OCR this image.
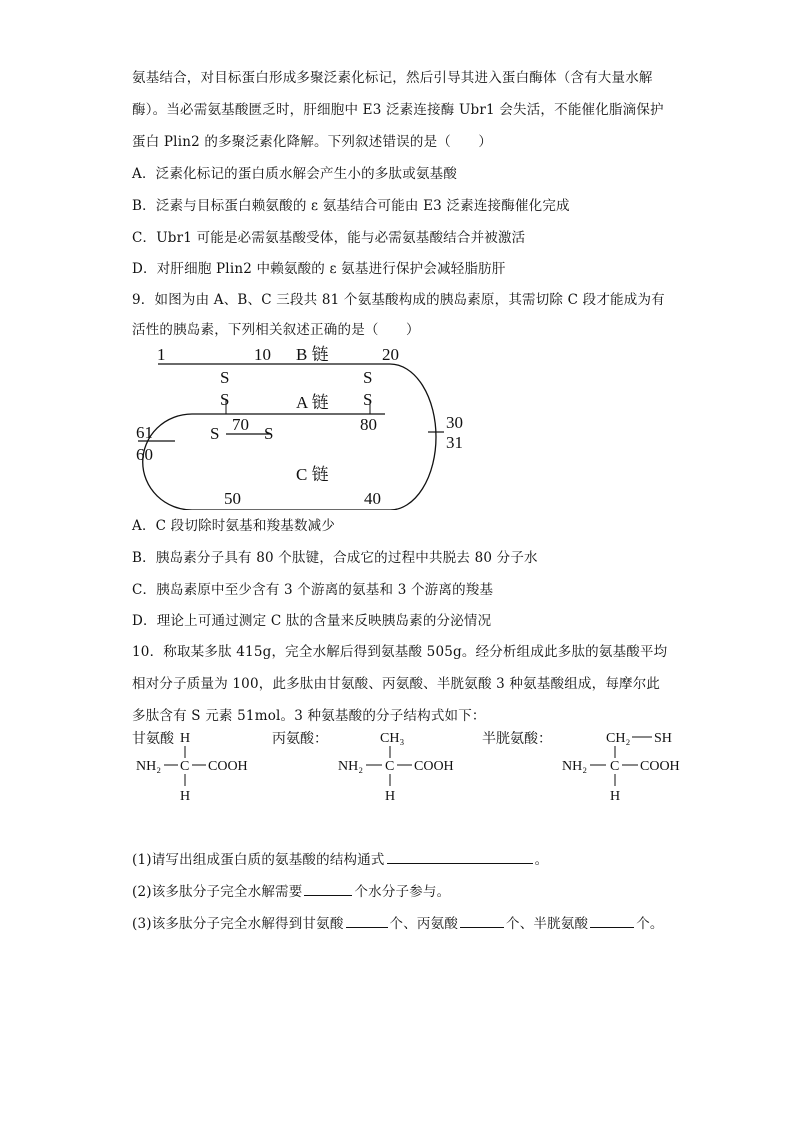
氨基结合，对目标蛋白形成多聚泛素化标记，然后引导其进入蛋白酶体（含有大量水解
酶）。当必需氨基酸匮乏时，肝细胞中 E3 泛素连接酶 Ubr1 会失活，不能催化脂滴保护
蛋白 Plin2 的多聚泛素化降解。下列叙述错误的是（　　）
A．泛素化标记的蛋白质水解会产生小的多肽或氨基酸
B．泛素与目标蛋白赖氨酸的 ε 氨基结合可能由 E3 泛素连接酶催化完成
C．Ubr1 可能是必需氨基酸受体，能与必需氨基酸结合并被激活
D．对肝细胞 Plin2 中赖氨酸的 ε 氨基进行保护会减轻脂肪肝
9．如图为由 A、B、C 三段共 81 个氨基酸构成的胰岛素原，其需切除 C 段才能成为有
活性的胰岛素，下列相关叙述正确的是（　　）
1	10 B 链	20
S
S
S
S
A 链
70	80
S	S
61
60
30
31
C 链
50	40
A．C 段切除时氨基和羧基数减少
B．胰岛素分子具有 80 个肽键，合成它的过程中共脱去 80 分子水
C．胰岛素原中至少含有 3 个游离的氨基和 3 个游离的羧基
D．理论上可通过测定 C 肽的含量来反映胰岛素的分泌情况
10．称取某多肽 415g，完全水解后得到氨基酸 505g。经分析组成此多肽的氨基酸平均
相对分子质量为 100，此多肽由甘氨酸、丙氨酸、半胱氨酸 3 种氨基酸组成，每摩尔此
多肽含有 S 元素 51mol。3 种氨基酸的分子结构式如下：
甘氨酸 H
NH₂ C COOH
H
丙氨酸：	CH₃
NH₂ C COOH
H
半胱氨酸：	CH₂ SH
NH₂ C COOH
H
(1)请写出组成蛋白质的氨基酸的结构通式	。
(2)该多肽分子完全水解需要	个水分子参与。
(3)该多肽分子完全水解得到甘氨酸	个、丙氨酸	个、半胱氨酸	个。
